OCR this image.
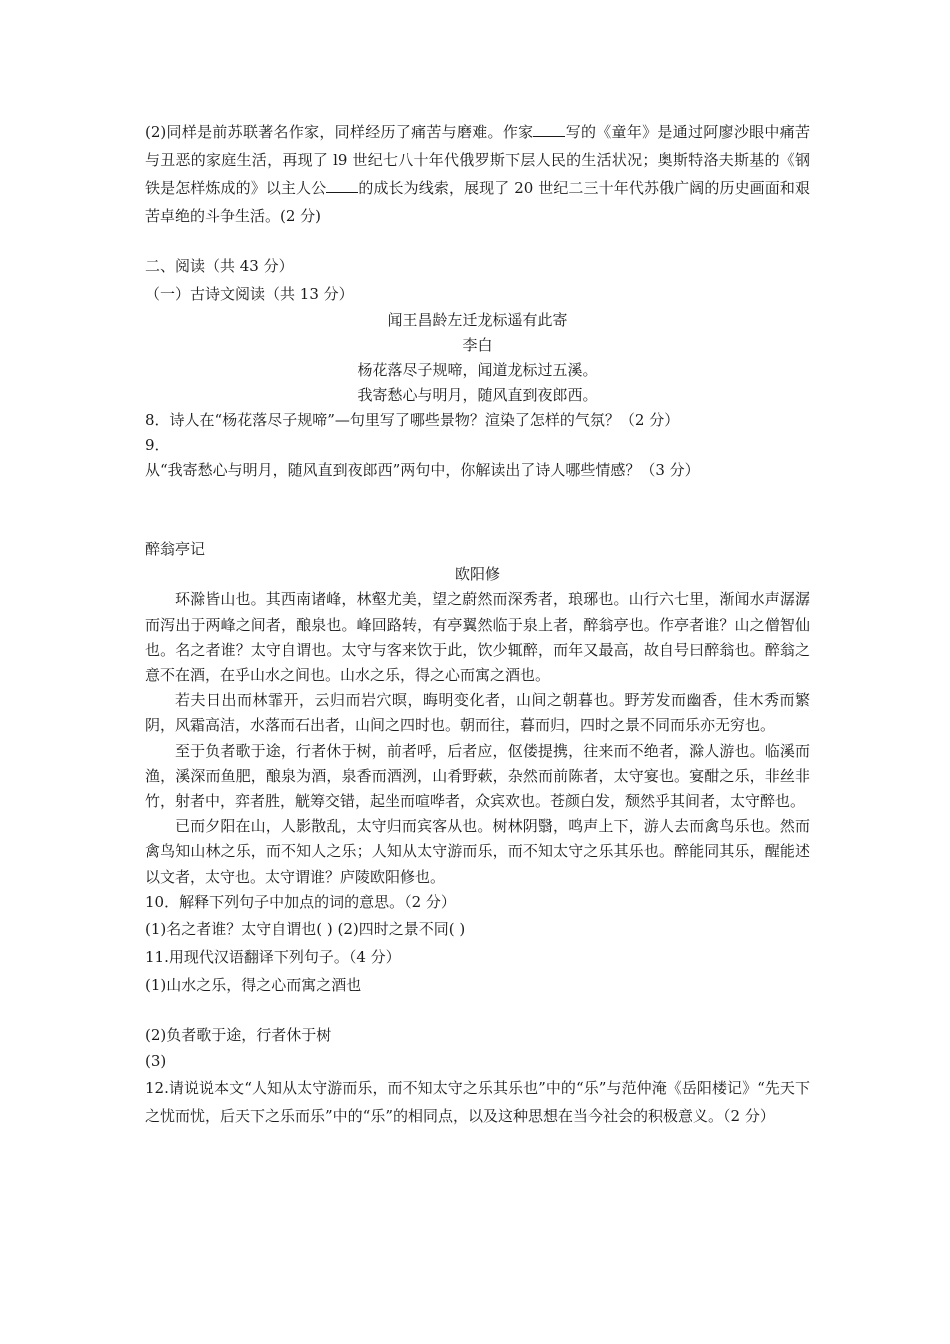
(2)同样是前苏联著名作家，同样经历了痛苦与磨难。作家 写的《童年》是通过阿廖沙眼中痛苦与丑恶的家庭生活，再现了 l9 世纪七八十年代俄罗斯下层人民的生活状况；奥斯特洛夫斯基的《钢铁是怎样炼成的》以主人公 的成长为线索，展现了 20 世纪二三十年代苏俄广阔的历史画面和艰苦卓绝的斗争生活。(2 分)

二、阅读（共 43 分）

（一）古诗文阅读（共 13 分）

闻王昌龄左迁龙标遥有此寄

李白

杨花落尽子规啼，闻道龙标过五溪。

我寄愁心与明月，随风直到夜郎西。

8．诗人在“杨花落尽子规啼”—句里写了哪些景物？渲染了怎样的气氛？（2 分）

9．

从“我寄愁心与明月，随风直到夜郎西”两句中，你解读出了诗人哪些情感？（3 分）

醉翁亭记

欧阳修

环滁皆山也。其西南诸峰，林壑尤美，望之蔚然而深秀者，琅琊也。山行六七里，渐闻水声潺潺而泻出于两峰之间者，酿泉也。峰回路转，有亭翼然临于泉上者，醉翁亭也。作亭者谁？山之僧智仙也。名之者谁？太守自谓也。太守与客来饮于此，饮少辄醉，而年又最高，故自号曰醉翁也。醉翁之意不在酒，在乎山水之间也。山水之乐，得之心而寓之酒也。

若夫日出而林霏开，云归而岩穴暝，晦明变化者，山间之朝暮也。野芳发而幽香，佳木秀而繁阴，风霜高洁，水落而石出者，山间之四时也。朝而往，暮而归，四时之景不同而乐亦无穷也。

至于负者歌于途，行者休于树，前者呼，后者应，伛偻提携，往来而不绝者，滁人游也。临溪而渔，溪深而鱼肥，酿泉为酒，泉香而酒洌，山肴野蔌，杂然而前陈者，太守宴也。宴酣之乐，非丝非竹，射者中，弈者胜，觥筹交错，起坐而喧哗者，众宾欢也。苍颜白发，颓然乎其间者，太守醉也。

已而夕阳在山，人影散乱，太守归而宾客从也。树林阴翳，鸣声上下，游人去而禽鸟乐也。然而禽鸟知山林之乐，而不知人之乐；人知从太守游而乐，而不知太守之乐其乐也。醉能同其乐，醒能述以文者，太守也。太守谓谁？庐陵欧阳修也。

10．解释下列句子中加点的词的意思。（2 分）

(1)名之者谁？太守自谓也( ) (2)四时之景不同( )

11.用现代汉语翻译下列句子。（4 分）

(1)山水之乐，得之心而寓之酒也

(2)负者歌于途，行者休于树

(3)

12.请说说本文“人知从太守游而乐，而不知太守之乐其乐也”中的“乐”与范仲淹《岳阳楼记》“先天下之忧而忧，后天下之乐而乐”中的“乐”的相同点，以及这种思想在当今社会的积极意义。（2 分）
